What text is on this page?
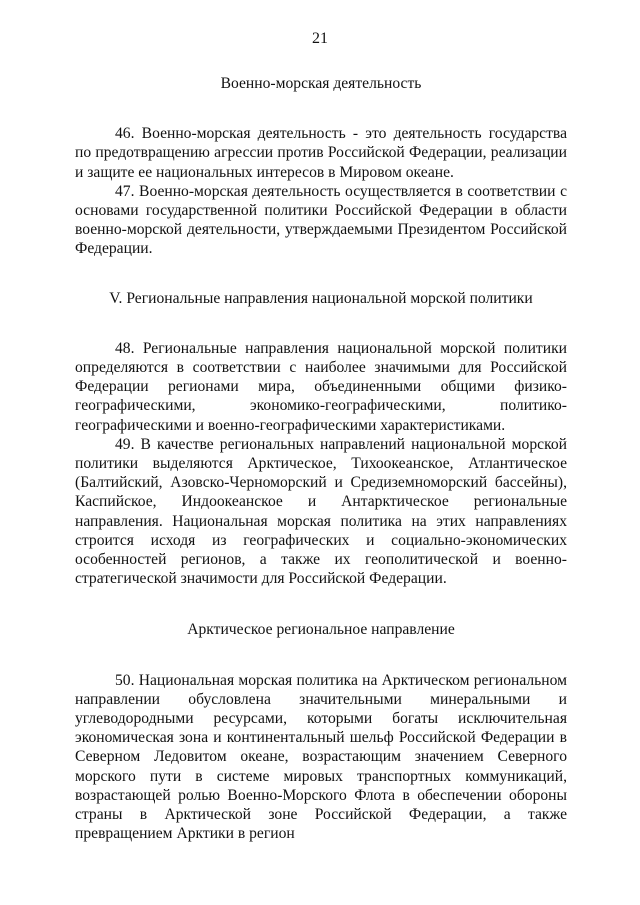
21

Военно-морская деятельность

46. Военно-морская деятельность - это деятельность государства по предотвращению агрессии против Российской Федерации, реализации и защите ее национальных интересов в Мировом океане.

47. Военно-морская деятельность осуществляется в соответствии с основами государственной политики Российской Федерации в области военно-морской деятельности, утверждаемыми Президентом Российской Федерации.

V. Региональные направления национальной морской политики

48. Региональные направления национальной морской политики определяются в соответствии с наиболее значимыми для Российской Федерации регионами мира, объединенными общими физико-географическими, экономико-географическими, политико-географическими и военно-географическими характеристиками.

49. В качестве региональных направлений национальной морской политики выделяются Арктическое, Тихоокеанское, Атлантическое (Балтийский, Азовско-Черноморский и Средиземноморский бассейны), Каспийское, Индоокеанское и Антарктическое региональные направления. Национальная морская политика на этих направлениях строится исходя из географических и социально-экономических особенностей регионов, а также их геополитической и военно-стратегической значимости для Российской Федерации.

Арктическое региональное направление

50. Национальная морская политика на Арктическом региональном направлении обусловлена значительными минеральными и углеводородными ресурсами, которыми богаты исключительная экономическая зона и континентальный шельф Российской Федерации в Северном Ледовитом океане, возрастающим значением Северного морского пути в системе мировых транспортных коммуникаций, возрастающей ролью Военно-Морского Флота в обеспечении обороны страны в Арктической зоне Российской Федерации, а также превращением Арктики в регион
